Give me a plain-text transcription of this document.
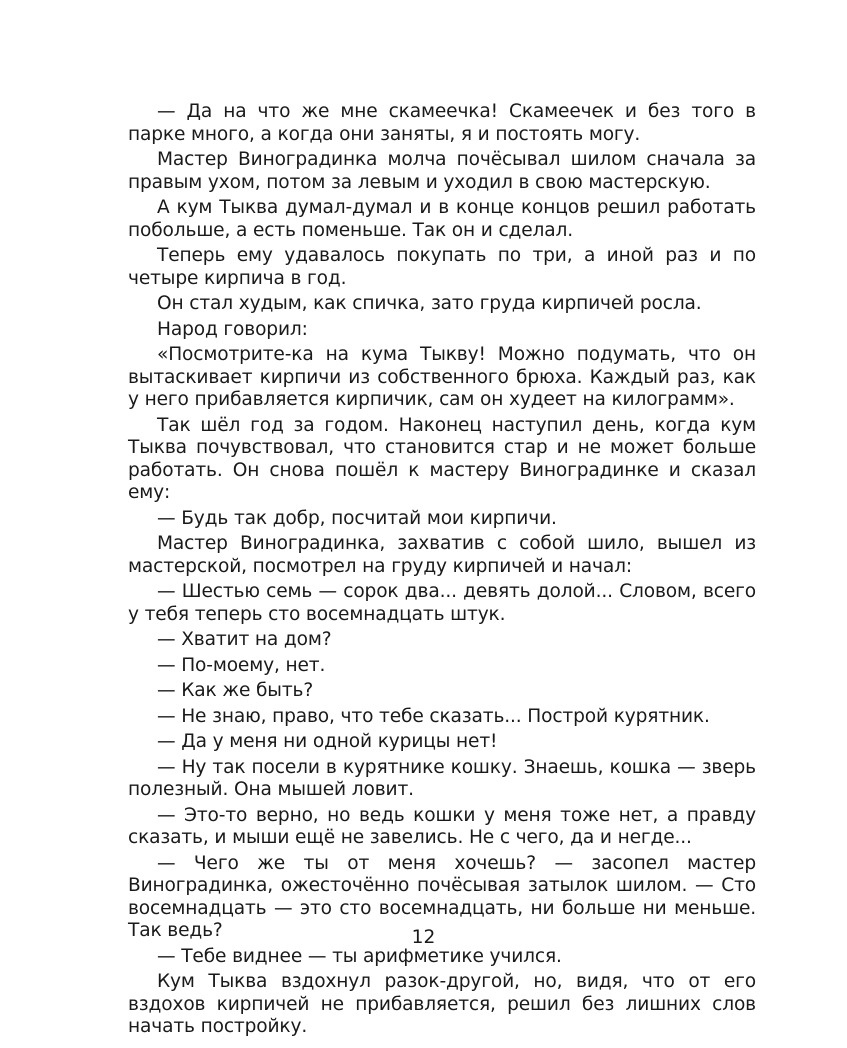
— Да на что же мне скамеечка! Скамеечек и без того в парке много, а когда они заняты, я и постоять могу.

Мастер Виноградинка молча почёсывал шилом сначала за правым ухом, потом за левым и уходил в свою мастерскую.

А кум Тыква думал-думал и в конце концов решил работать побольше, а есть поменьше. Так он и сделал.

Теперь ему удавалось покупать по три, а иной раз и по четыре кирпича в год.

Он стал худым, как спичка, зато груда кирпичей росла.

Народ говорил:

«Посмотрите-ка на кума Тыкву! Можно подумать, что он вытаскивает кирпичи из собственного брюха. Каждый раз, как у него прибавляется кирпичик, сам он худеет на килограмм».

Так шёл год за годом. Наконец наступил день, когда кум Тыква почувствовал, что становится стар и не может больше работать. Он снова пошёл к мастеру Виноградинке и сказал ему:

— Будь так добр, посчитай мои кирпичи.

Мастер Виноградинка, захватив с собой шило, вышел из мастерской, посмотрел на груду кирпичей и начал:

— Шестью семь — сорок два... девять долой... Словом, всего у тебя теперь сто восемнадцать штук.

— Хватит на дом?

— По-моему, нет.

— Как же быть?

— Не знаю, право, что тебе сказать... Построй курятник.

— Да у меня ни одной курицы нет!

— Ну так посели в курятнике кошку. Знаешь, кошка — зверь полезный. Она мышей ловит.

— Это-то верно, но ведь кошки у меня тоже нет, а правду сказать, и мыши ещё не завелись. Не с чего, да и негде...

— Чего же ты от меня хочешь? — засопел мастер Виноградинка, ожесточённо почёсывая затылок шилом. — Сто восемнадцать — это сто восемнадцать, ни больше ни меньше. Так ведь?

— Тебе виднее — ты арифметике учился.

Кум Тыква вздохнул разок-другой, но, видя, что от его вздохов кирпичей не прибавляется, решил без лишних слов начать постройку.

12
